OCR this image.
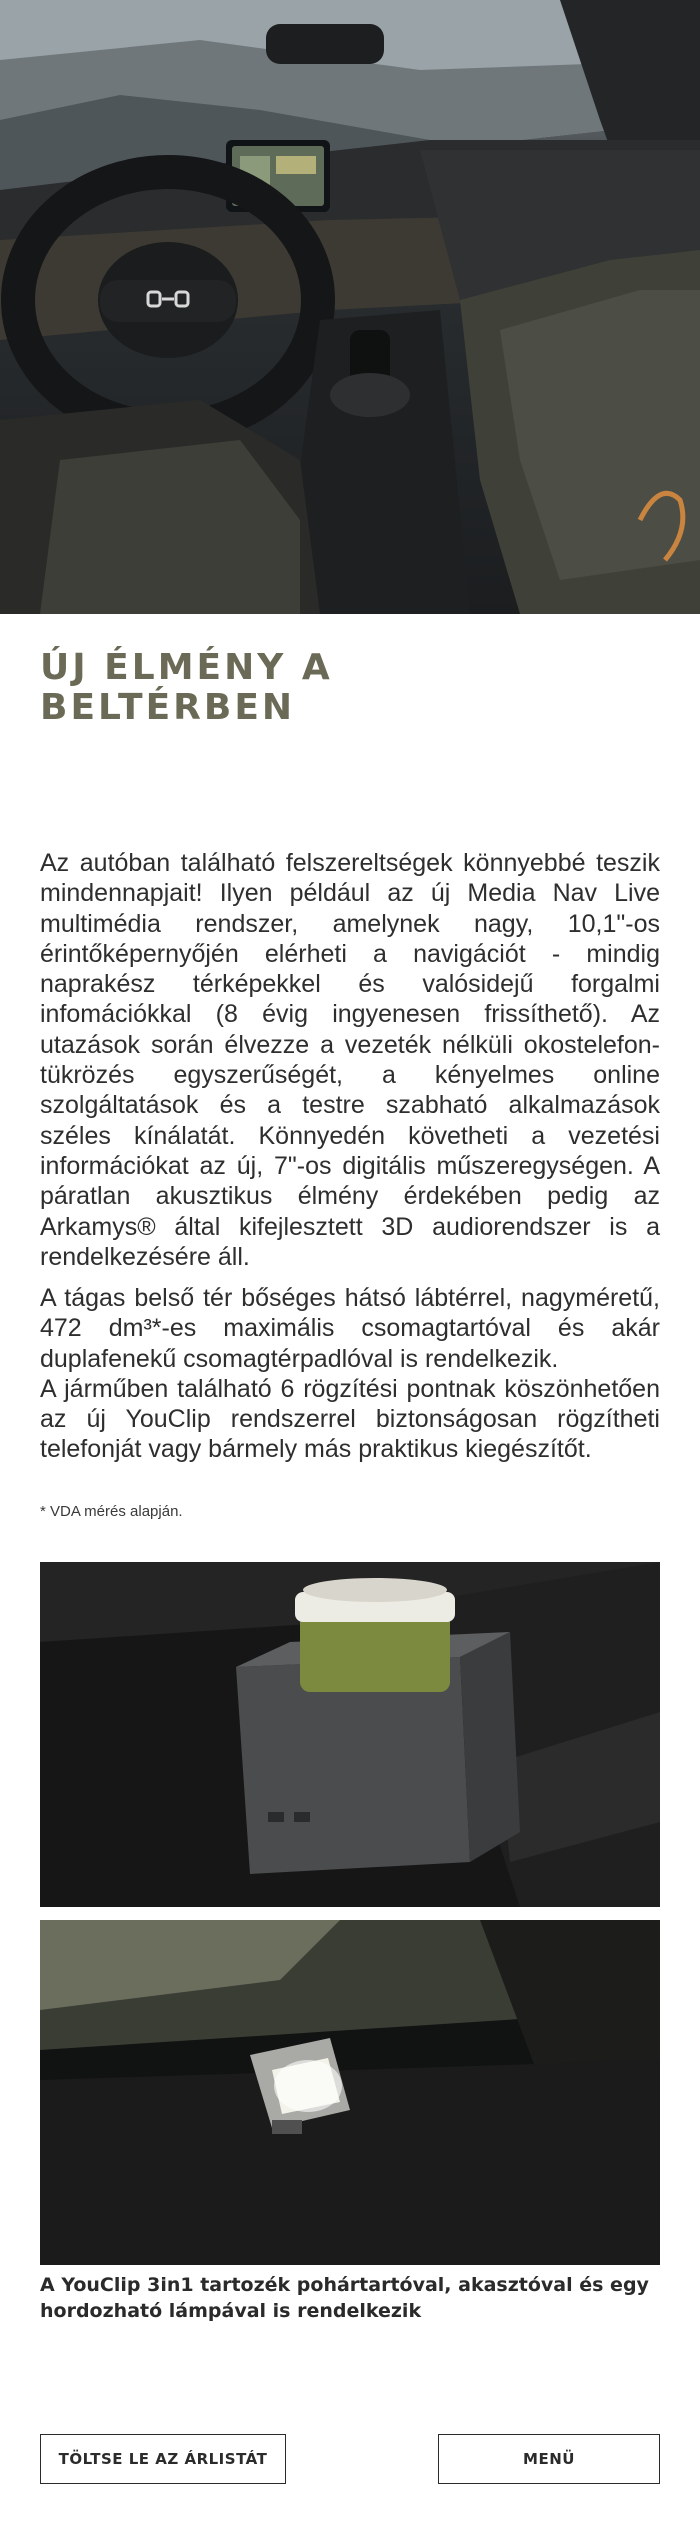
ÚJ ÉLMÉNY A
BELTÉRBEN

Az autóban található felszereltségek könnyebbé teszik mindennapjait! Ilyen például az új Media Nav Live multimédia rendszer, amelynek nagy, 10,1"-os érintőképernyőjén elérheti a navigációt - mindig naprakész térképekkel és valósidejű forgalmi infomációkkal (8 évig ingyenesen frissíthető). Az utazások során élvezze a vezeték nélküli okostelefon-tükrözés egyszerűségét, a kényelmes online szolgáltatások és a testre szabható alkalmazások széles kínálatát. Könnyedén követheti a vezetési információkat az új, 7"-os digitális műszeregységen. A páratlan akusztikus élmény érdekében pedig az Arkamys® által kifejlesztett 3D audiorendszer is a rendelkezésére áll.

A tágas belső tér bőséges hátsó lábtérrel, nagyméretű, 472 dm³*-es maximális csomagtartóval és akár duplafenekű csomagtérpadlóval is rendelkezik.

A járműben található 6 rögzítési pontnak köszönhetően az új YouClip rendszerrel biztonságosan rögzítheti telefonját vagy bármely más praktikus kiegészítőt.

* VDA mérés alapján.
A YouClip 3in1 tartozék pohártartóval, akasztóval és egy hordozható lámpával is rendelkezik
TÖLTSE LE AZ ÁRLISTÁT	MENÜ
